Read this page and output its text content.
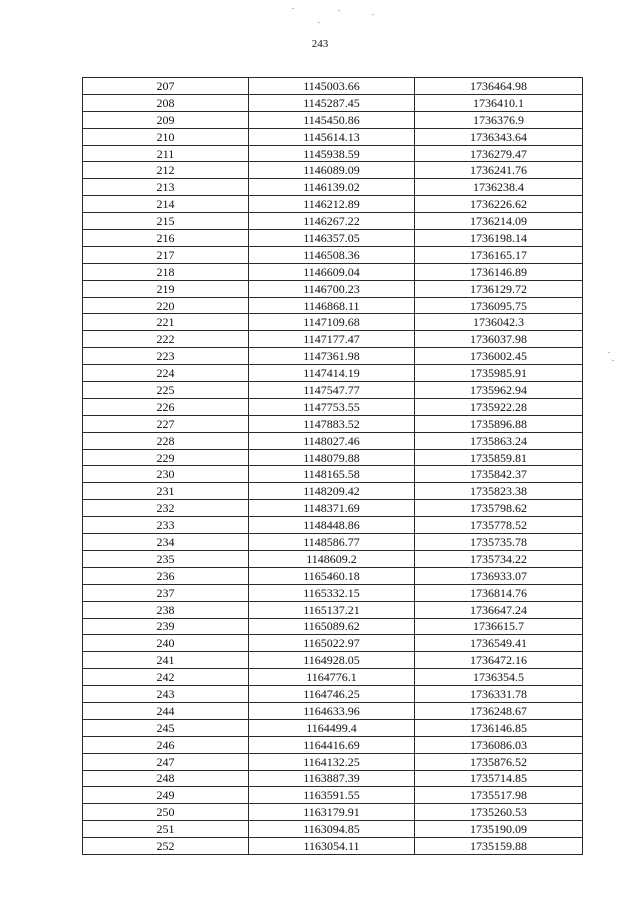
243
207	1145003.66	1736464.98
208	1145287.45	1736410.1
209	1145450.86	1736376.9
210	1145614.13	1736343.64
211	1145938.59	1736279.47
212	1146089.09	1736241.76
213	1146139.02	1736238.4
214	1146212.89	1736226.62
215	1146267.22	1736214.09
216	1146357.05	1736198.14
217	1146508.36	1736165.17
218	1146609.04	1736146.89
219	1146700.23	1736129.72
220	1146868.11	1736095.75
221	1147109.68	1736042.3
222	1147177.47	1736037.98
223	1147361.98	1736002.45
224	1147414.19	1735985.91
225	1147547.77	1735962.94
226	1147753.55	1735922.28
227	1147883.52	1735896.88
228	1148027.46	1735863.24
229	1148079.88	1735859.81
230	1148165.58	1735842.37
231	1148209.42	1735823.38
232	1148371.69	1735798.62
233	1148448.86	1735778.52
234	1148586.77	1735735.78
235	1148609.2	1735734.22
236	1165460.18	1736933.07
237	1165332.15	1736814.76
238	1165137.21	1736647.24
239	1165089.62	1736615.7
240	1165022.97	1736549.41
241	1164928.05	1736472.16
242	1164776.1	1736354.5
243	1164746.25	1736331.78
244	1164633.96	1736248.67
245	1164499.4	1736146.85
246	1164416.69	1736086.03
247	1164132.25	1735876.52
248	1163887.39	1735714.85
249	1163591.55	1735517.98
250	1163179.91	1735260.53
251	1163094.85	1735190.09
252	1163054.11	1735159.88
